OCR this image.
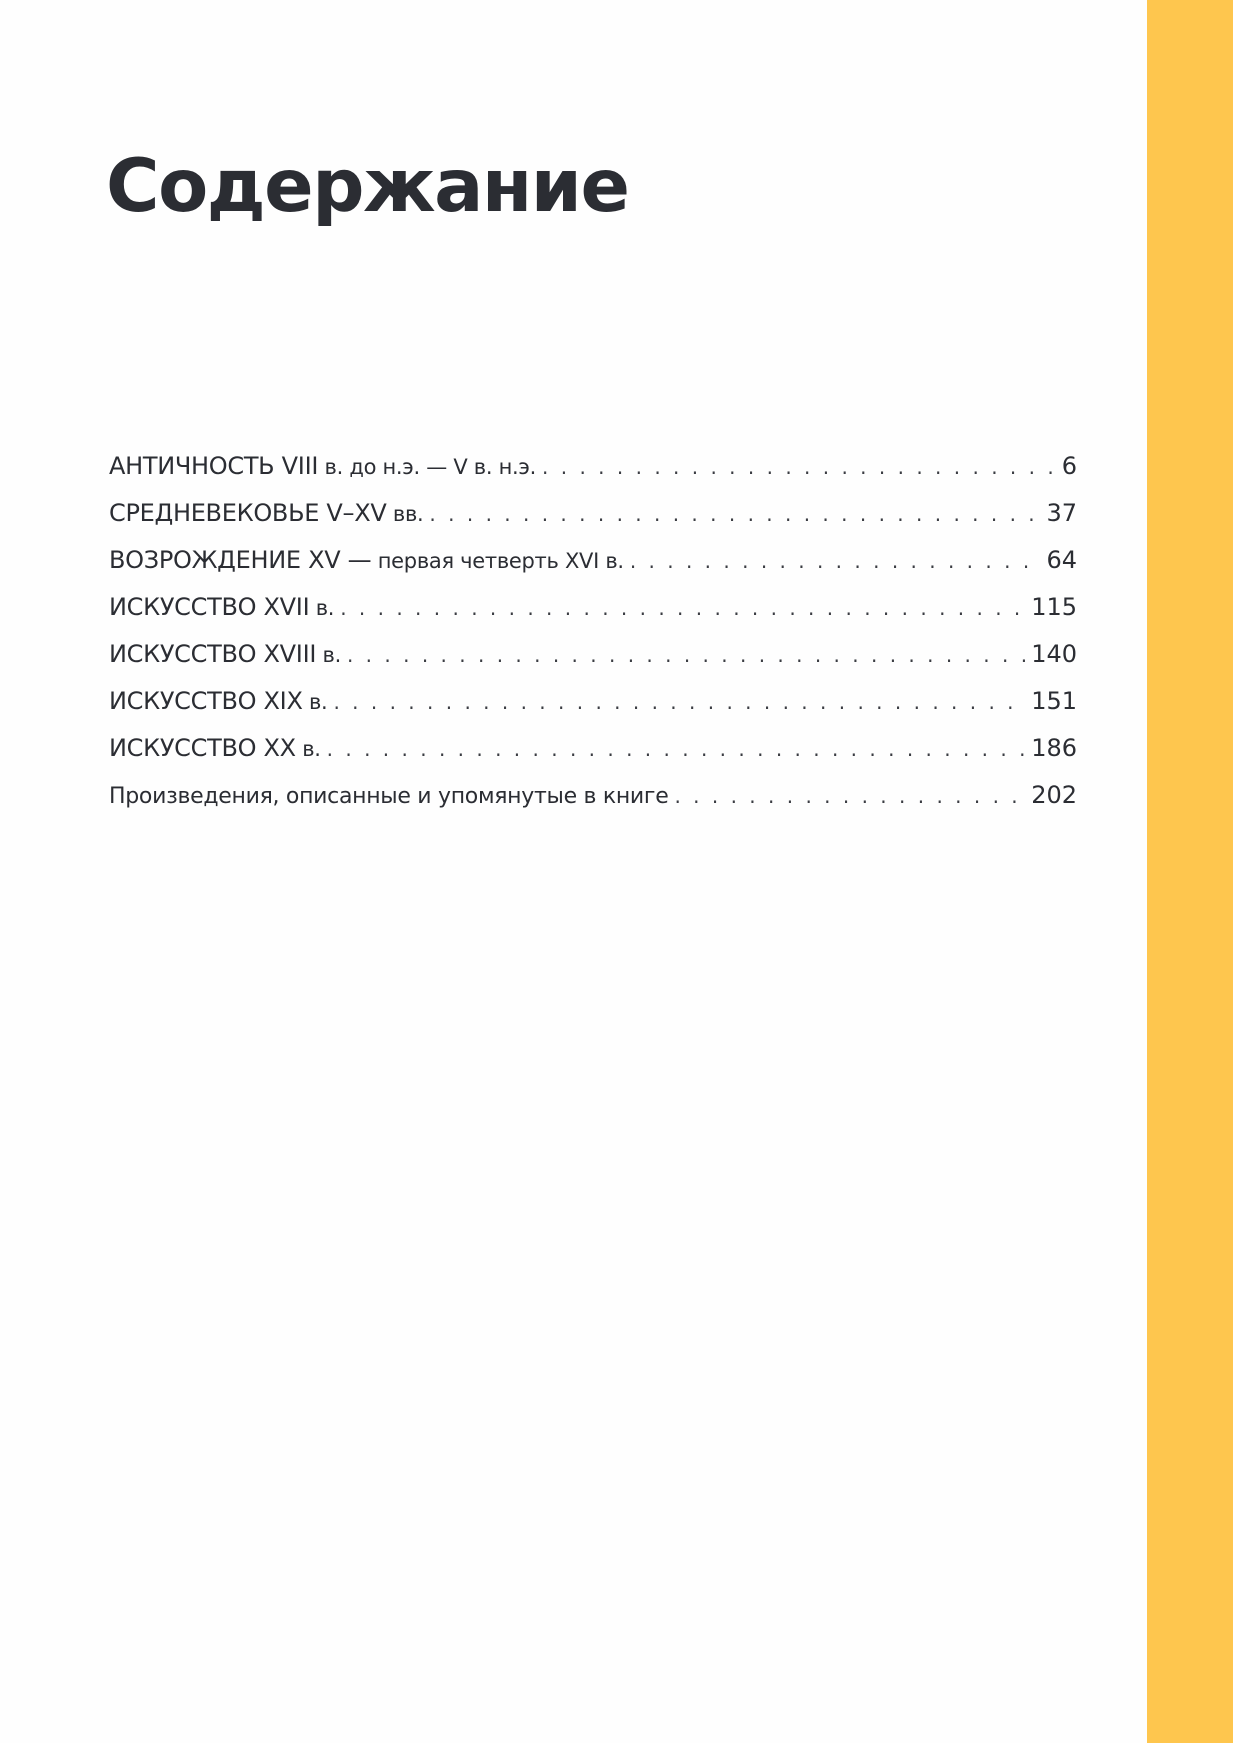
Содержание
АНТИЧНОСТЬ VIII в. до н.э. — V в. н.э. . . .	6
СРЕДНЕВЕКОВЬЕ V–XV вв. . . .	37
ВОЗРОЖДЕНИЕ XV — первая четверть XVI в. . . .	64
ИСКУССТВО XVII в. . . .	115
ИСКУССТВО XVIII в. . . .	140
ИСКУССТВО XIX в. . . .	151
ИСКУССТВО XX в. . . .	186
Произведения, описанные и упомянутые в книге . . .	202
